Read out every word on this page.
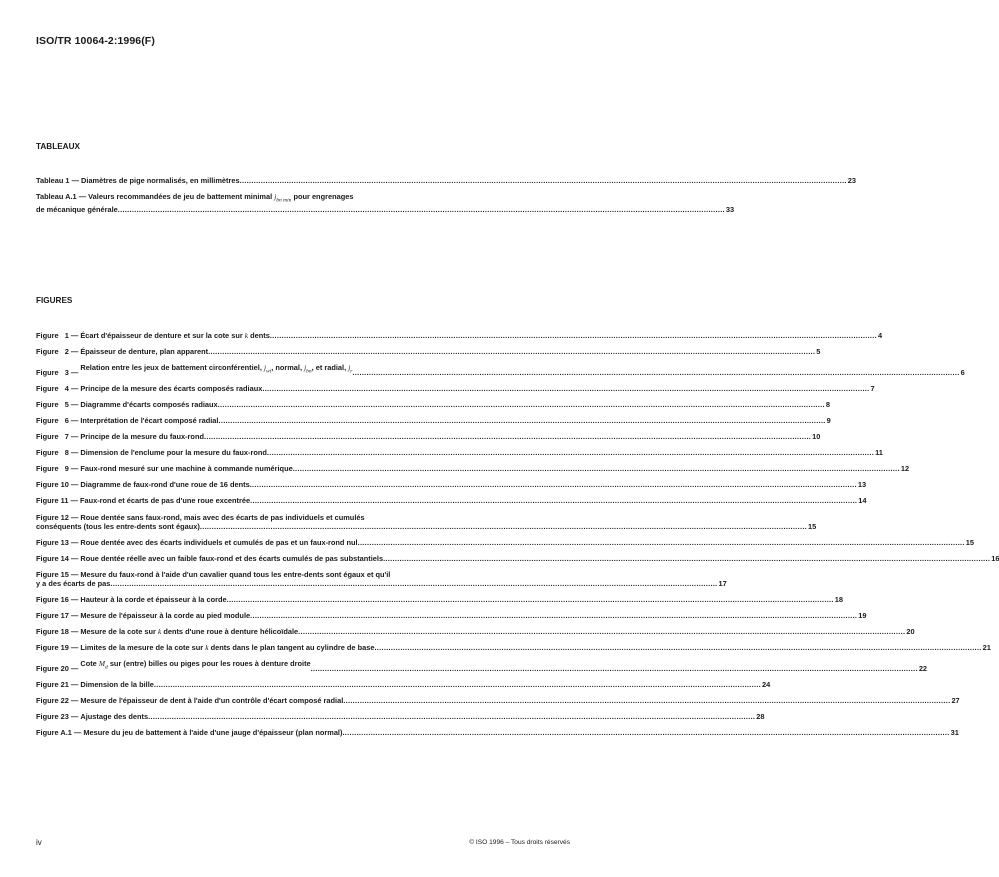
ISO/TR 10064-2:1996(F)
TABLEAUX
Tableau 1 — Diamètres de pige normalisés, en millimètres .....	23
Tableau A.1 — Valeurs recommandées de jeu de battement minimal $j_{bn min}$ pour engrenages
de mécanique générale .....	33
FIGURES
Figure   1 — Écart d'épaisseur de denture et sur la cote sur k dents .....	4
Figure   2 — Épaisseur de denture, plan apparent .....	5
Figure   3 — Relation entre les jeux de battement circonférentiel, $j_{wt}$, normal, $j_{bn}$, et radial, $j_r$ .....	6
Figure   4 — Principe de la mesure des écarts composés radiaux .....	7
Figure   5 — Diagramme d'écarts composés radiaux .....	8
Figure   6 — Interprétation de l'écart composé radial .....	9
Figure   7 — Principe de la mesure du faux-rond .....	10
Figure   8 — Dimension de l'enclume pour la mesure du faux-rond .....	11
Figure   9 — Faux-rond mesuré sur une machine à commande numérique .....	12
Figure 10 — Diagramme de faux-rond d'une roue de 16 dents .....	13
Figure 11 — Faux-rond et écarts de pas d'une roue excentrée .....	14
Figure 12 — Roue dentée sans faux-rond, mais avec des écarts de pas individuels et cumulés
conséquents (tous les entre-dents sont égaux) .....	15
Figure 13 — Roue dentée avec des écarts individuels et cumulés de pas et un faux-rond nul .....	15
Figure 14 — Roue dentée réelle avec un faible faux-rond et des écarts cumulés de pas substantiels .....	16
Figure 15 — Mesure du faux-rond à l'aide d'un cavalier quand tous les entre-dents sont égaux et qu'il
y a des écarts de pas .....	17
Figure 16 — Hauteur à la corde et épaisseur à la corde .....	18
Figure 17 — Mesure de l'épaisseur à la corde au pied module .....	19
Figure 18 — Mesure de la cote sur k dents d'une roue à denture hélicoïdale .....	20
Figure 19 — Limites de la mesure de la cote sur k dents dans le plan tangent au cylindre de base .....	21
Figure 20 — Cote $M_d$ sur (entre) billes ou piges pour les roues à denture droite .....	22
Figure 21 — Dimension de la bille .....	24
Figure 22 — Mesure de l'épaisseur de dent à l'aide d'un contrôle d'écart composé radial .....	27
Figure 23 — Ajustage des dents .....	28
Figure A.1 — Mesure du jeu de battement à l'aide d'une jauge d'épaisseur (plan normal) .....	31
iv	© ISO 1996 – Tous droits réservés
